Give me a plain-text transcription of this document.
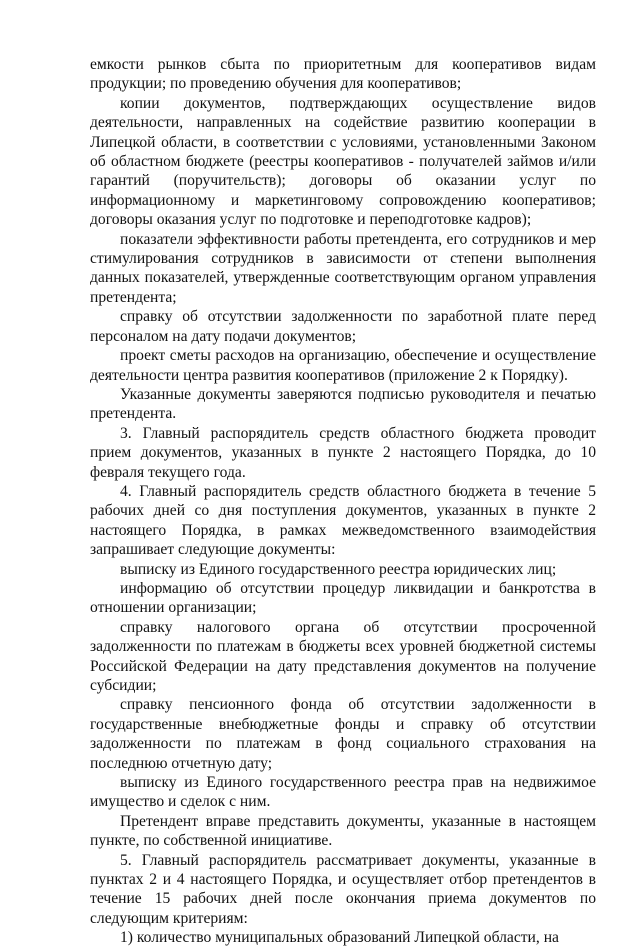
емкости рынков сбыта по приоритетным для кооперативов видам продукции; по проведению обучения для кооперативов;

копии документов, подтверждающих осуществление видов деятельности, направленных на содействие развитию кооперации в Липецкой области, в соответствии с условиями, установленными Законом об областном бюджете (реестры кооперативов - получателей займов и/или гарантий (поручительств); договоры об оказании услуг по информационному и маркетинговому сопровождению кооперативов; договоры оказания услуг по подготовке и переподготовке кадров);

показатели эффективности работы претендента, его сотрудников и мер стимулирования сотрудников в зависимости от степени выполнения данных показателей, утвержденные соответствующим органом управления претендента;

справку об отсутствии задолженности по заработной плате перед персоналом на дату подачи документов;

проект сметы расходов на организацию, обеспечение и осуществление деятельности центра развития кооперативов (приложение 2 к Порядку).

Указанные документы заверяются подписью руководителя и печатью претендента.

3. Главный распорядитель средств областного бюджета проводит прием документов, указанных в пункте 2 настоящего Порядка, до 10 февраля текущего года.

4. Главный распорядитель средств областного бюджета в течение 5 рабочих дней со дня поступления документов, указанных в пункте 2 настоящего Порядка, в рамках межведомственного взаимодействия запрашивает следующие документы:

выписку из Единого государственного реестра юридических лиц;

информацию об отсутствии процедур ликвидации и банкротства в отношении организации;

справку налогового органа об отсутствии просроченной задолженности по платежам в бюджеты всех уровней бюджетной системы Российской Федерации на дату представления документов на получение субсидии;

справку пенсионного фонда об отсутствии задолженности в государственные внебюджетные фонды и справку об отсутствии задолженности по платежам в фонд социального страхования на последнюю отчетную дату;

выписку из Единого государственного реестра прав на недвижимое имущество и сделок с ним.

Претендент вправе представить документы, указанные в настоящем пункте, по собственной инициативе.

5. Главный распорядитель рассматривает документы, указанные в пунктах 2 и 4 настоящего Порядка, и осуществляет отбор претендентов в течение 15 рабочих дней после окончания приема документов по следующим критериям:

1) количество муниципальных образований Липецкой области, на
